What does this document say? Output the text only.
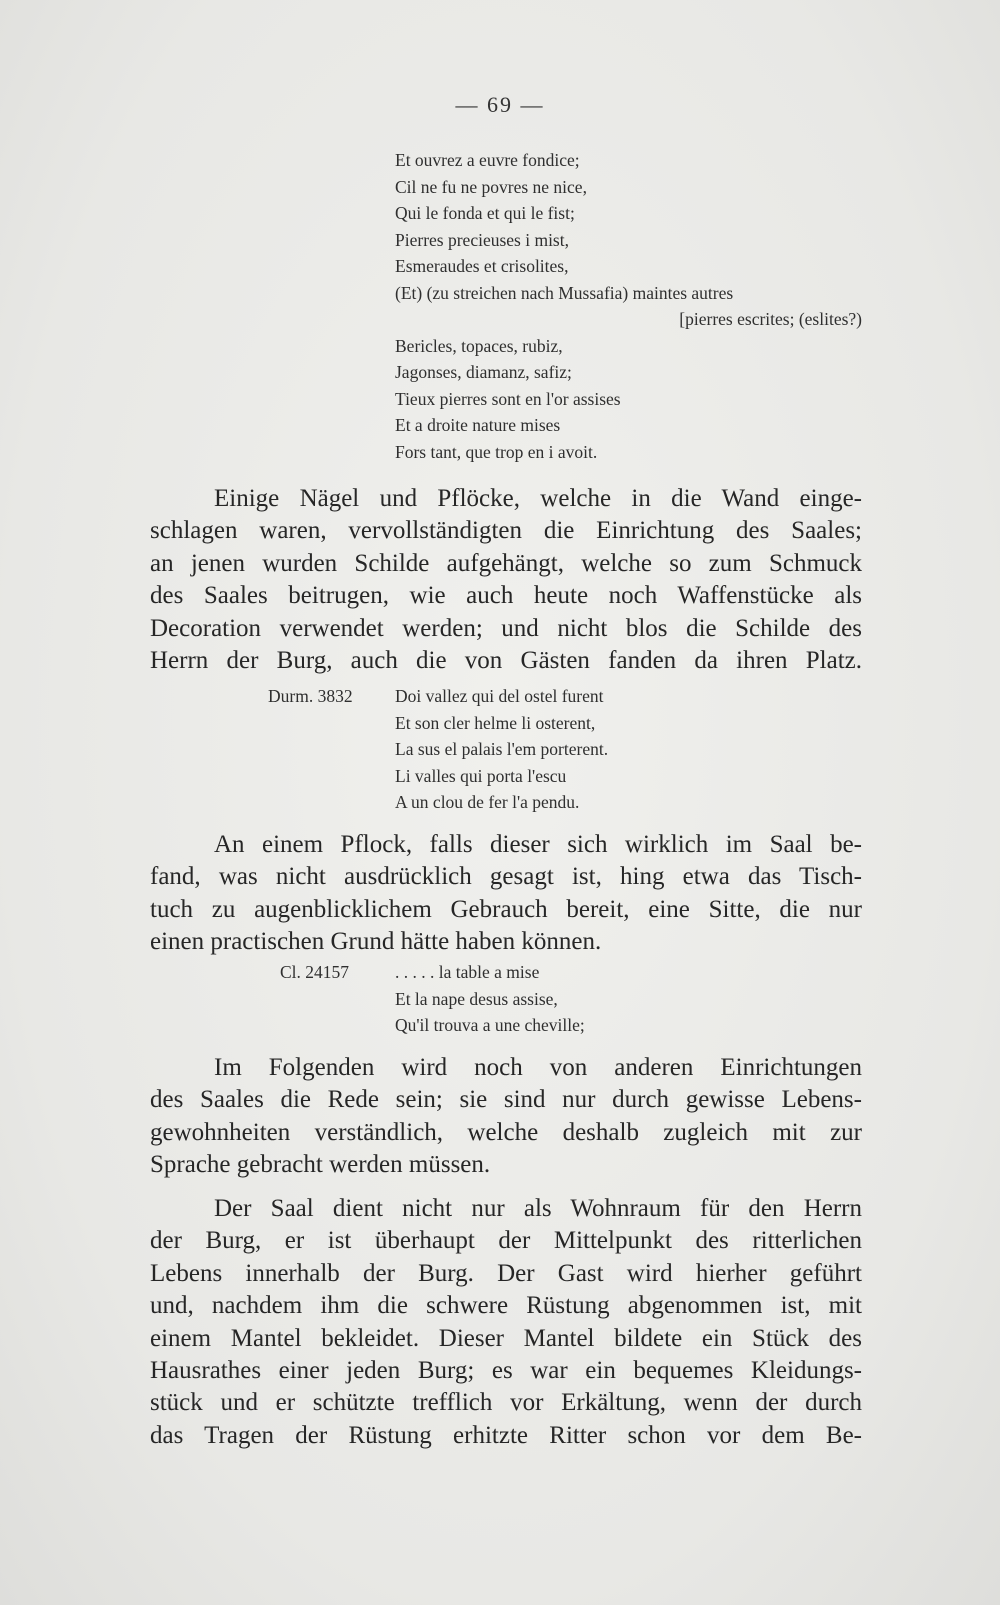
— 69 —
Et ouvrez a euvre fondice;
Cil ne fu ne povres ne nice,
Qui le fonda et qui le fist;
Pierres precieuses i mist,
Esmeraudes et crisolites,
(Et) (zu streichen nach Mussafia) maintes autres
[pierres escrites; (eslites?)
Bericles, topaces, rubiz,
Jagonses, diamanz, safiz;
Tieux pierres sont en l'or assises
Et a droite nature mises
Fors tant, que trop en i avoit.
Einige Nägel und Pflöcke, welche in die Wand einge-
schlagen waren, vervollständigten die Einrichtung des Saales;
an jenen wurden Schilde aufgehängt, welche so zum Schmuck
des Saales beitrugen, wie auch heute noch Waffenstücke als
Decoration verwendet werden; und nicht blos die Schilde des
Herrn der Burg, auch die von Gästen fanden da ihren Platz.
Durm. 3832 Doi vallez qui del ostel furent
Et son cler helme li osterent,
La sus el palais l'em porterent.
Li valles qui porta l'escu
A un clou de fer l'a pendu.
An einem Pflock, falls dieser sich wirklich im Saal be-
fand, was nicht ausdrücklich gesagt ist, hing etwa das Tisch-
tuch zu augenblicklichem Gebrauch bereit, eine Sitte, die nur
einen practischen Grund hätte haben können.
Cl. 24157	. . . . . la table a mise
Et la nape desus assise,
Qu'il trouva a une cheville;
Im Folgenden wird noch von anderen Einrichtungen
des Saales die Rede sein; sie sind nur durch gewisse Lebens-
gewohnheiten verständlich, welche deshalb zugleich mit zur
Sprache gebracht werden müssen.
Der Saal dient nicht nur als Wohnraum für den Herrn
der Burg, er ist überhaupt der Mittelpunkt des ritterlichen
Lebens innerhalb der Burg. Der Gast wird hierher geführt
und, nachdem ihm die schwere Rüstung abgenommen ist, mit
einem Mantel bekleidet. Dieser Mantel bildete ein Stück des
Hausrathes einer jeden Burg; es war ein bequemes Kleidungs-
stück und er schützte trefflich vor Erkältung, wenn der durch
das Tragen der Rüstung erhitzte Ritter schon vor dem Be-
